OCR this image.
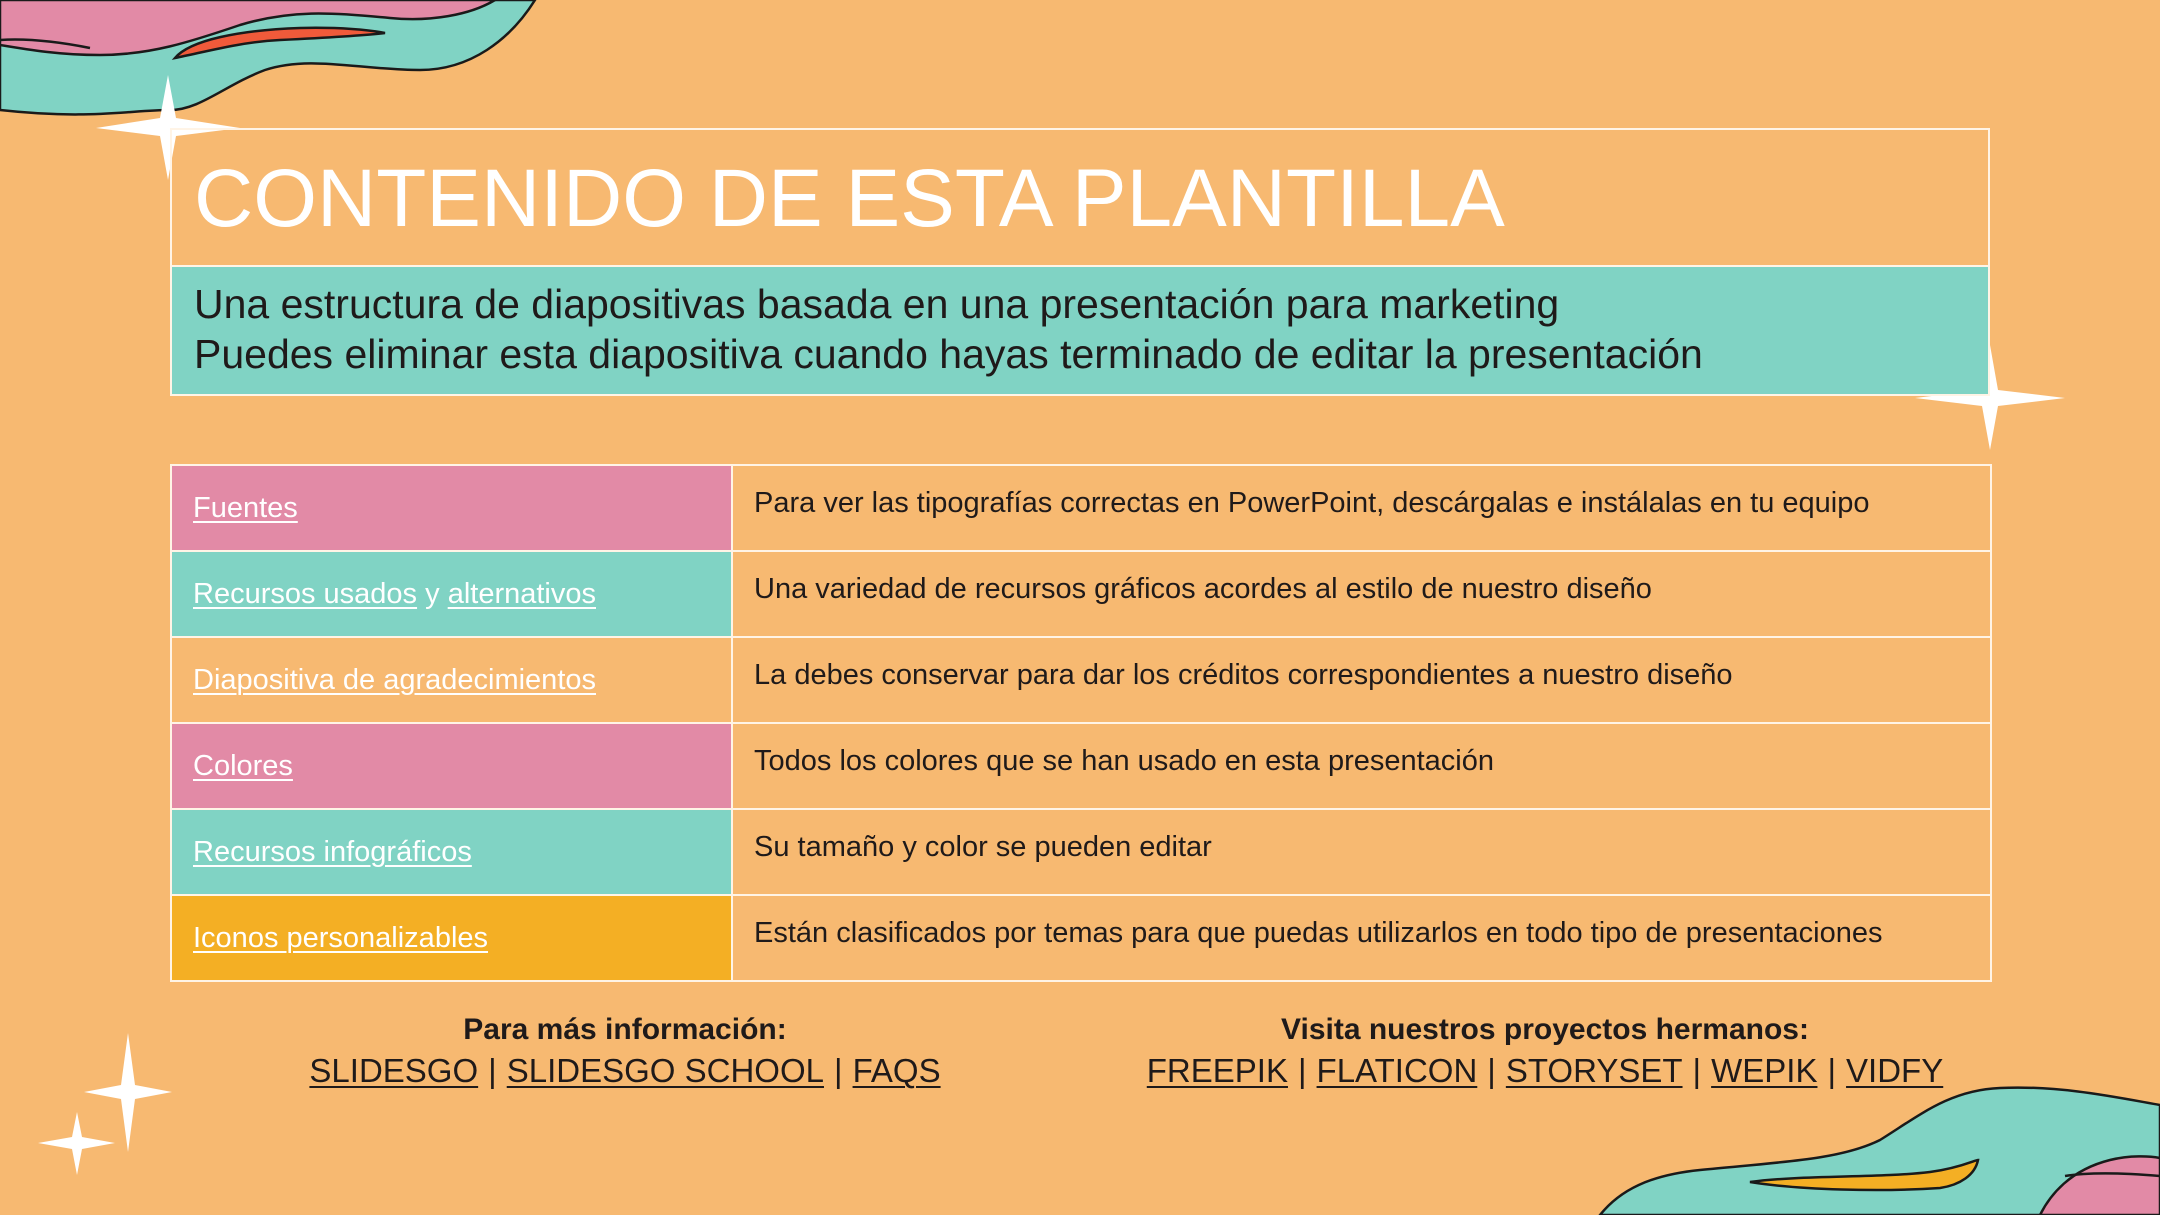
CONTENIDO DE ESTA PLANTILLA
Una estructura de diapositivas basada en una presentación para marketing
Puedes eliminar esta diapositiva cuando hayas terminado de editar la presentación
Fuentes	Para ver las tipografías correctas en PowerPoint, descárgalas e instálalas en tu equipo
Recursos usados y alternativos	Una variedad de recursos gráficos acordes al estilo de nuestro diseño
Diapositiva de agradecimientos	La debes conservar para dar los créditos correspondientes a nuestro diseño
Colores	Todos los colores que se han usado en esta presentación
Recursos infográficos	Su tamaño y color se pueden editar
Iconos personalizables	Están clasificados por temas para que puedas utilizarlos en todo tipo de presentaciones
Para más información:
SLIDESGO | SLIDESGO SCHOOL | FAQS
Visita nuestros proyectos hermanos:
FREEPIK | FLATICON | STORYSET | WEPIK | VIDFY
